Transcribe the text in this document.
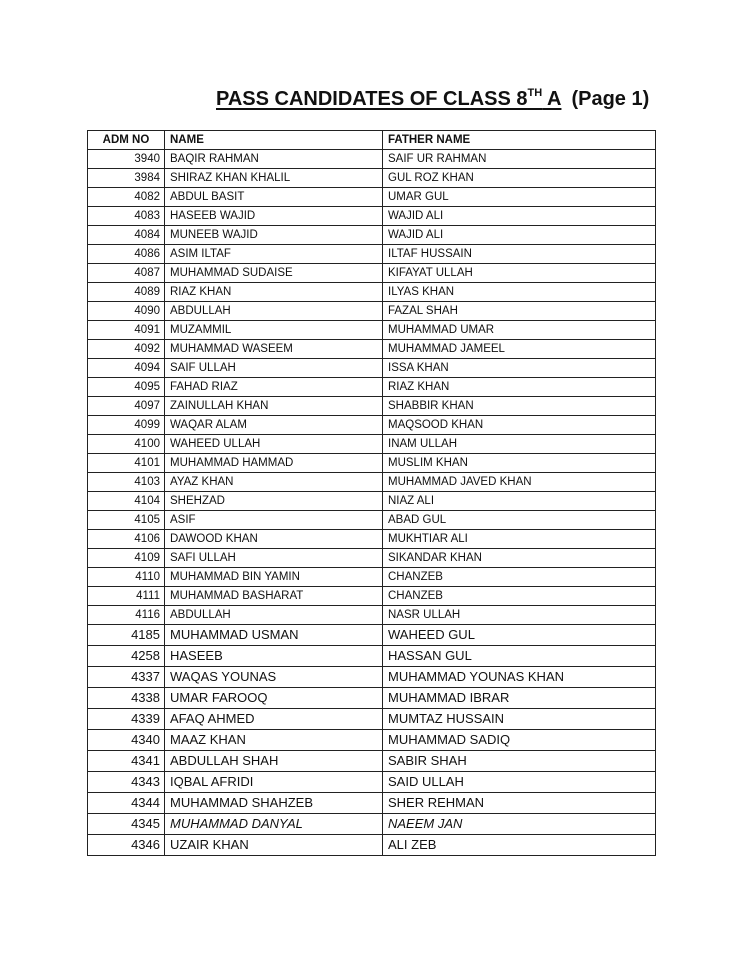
PASS CANDIDATES OF CLASS 8TH A (Page 1)
ADM NO	NAME	FATHER NAME
3940	BAQIR RAHMAN	SAIF UR RAHMAN
3984	SHIRAZ KHAN KHALIL	GUL ROZ KHAN
4082	ABDUL BASIT	UMAR GUL
4083	HASEEB WAJID	WAJID ALI
4084	MUNEEB WAJID	WAJID ALI
4086	ASIM ILTAF	ILTAF HUSSAIN
4087	MUHAMMAD SUDAISE	KIFAYAT ULLAH
4089	RIAZ KHAN	ILYAS KHAN
4090	ABDULLAH	FAZAL SHAH
4091	MUZAMMIL	MUHAMMAD UMAR
4092	MUHAMMAD WASEEM	MUHAMMAD JAMEEL
4094	SAIF ULLAH	ISSA KHAN
4095	FAHAD RIAZ	RIAZ KHAN
4097	ZAINULLAH KHAN	SHABBIR KHAN
4099	WAQAR ALAM	MAQSOOD KHAN
4100	WAHEED ULLAH	INAM ULLAH
4101	MUHAMMAD HAMMAD	MUSLIM KHAN
4103	AYAZ KHAN	MUHAMMAD JAVED KHAN
4104	SHEHZAD	NIAZ ALI
4105	ASIF	ABAD GUL
4106	DAWOOD KHAN	MUKHTIAR ALI
4109	SAFI ULLAH	SIKANDAR KHAN
4110	MUHAMMAD BIN YAMIN	CHANZEB
4111	MUHAMMAD BASHARAT	CHANZEB
4116	ABDULLAH	NASR ULLAH
4185	MUHAMMAD USMAN	WAHEED GUL
4258	HASEEB	HASSAN GUL
4337	WAQAS YOUNAS	MUHAMMAD YOUNAS KHAN
4338	UMAR FAROOQ	MUHAMMAD IBRAR
4339	AFAQ AHMED	MUMTAZ HUSSAIN
4340	MAAZ KHAN	MUHAMMAD SADIQ
4341	ABDULLAH SHAH	SABIR SHAH
4343	IQBAL AFRIDI	SAID ULLAH
4344	MUHAMMAD SHAHZEB	SHER REHMAN
4345	MUHAMMAD DANYAL	NAEEM JAN
4346	UZAIR KHAN	ALI ZEB
